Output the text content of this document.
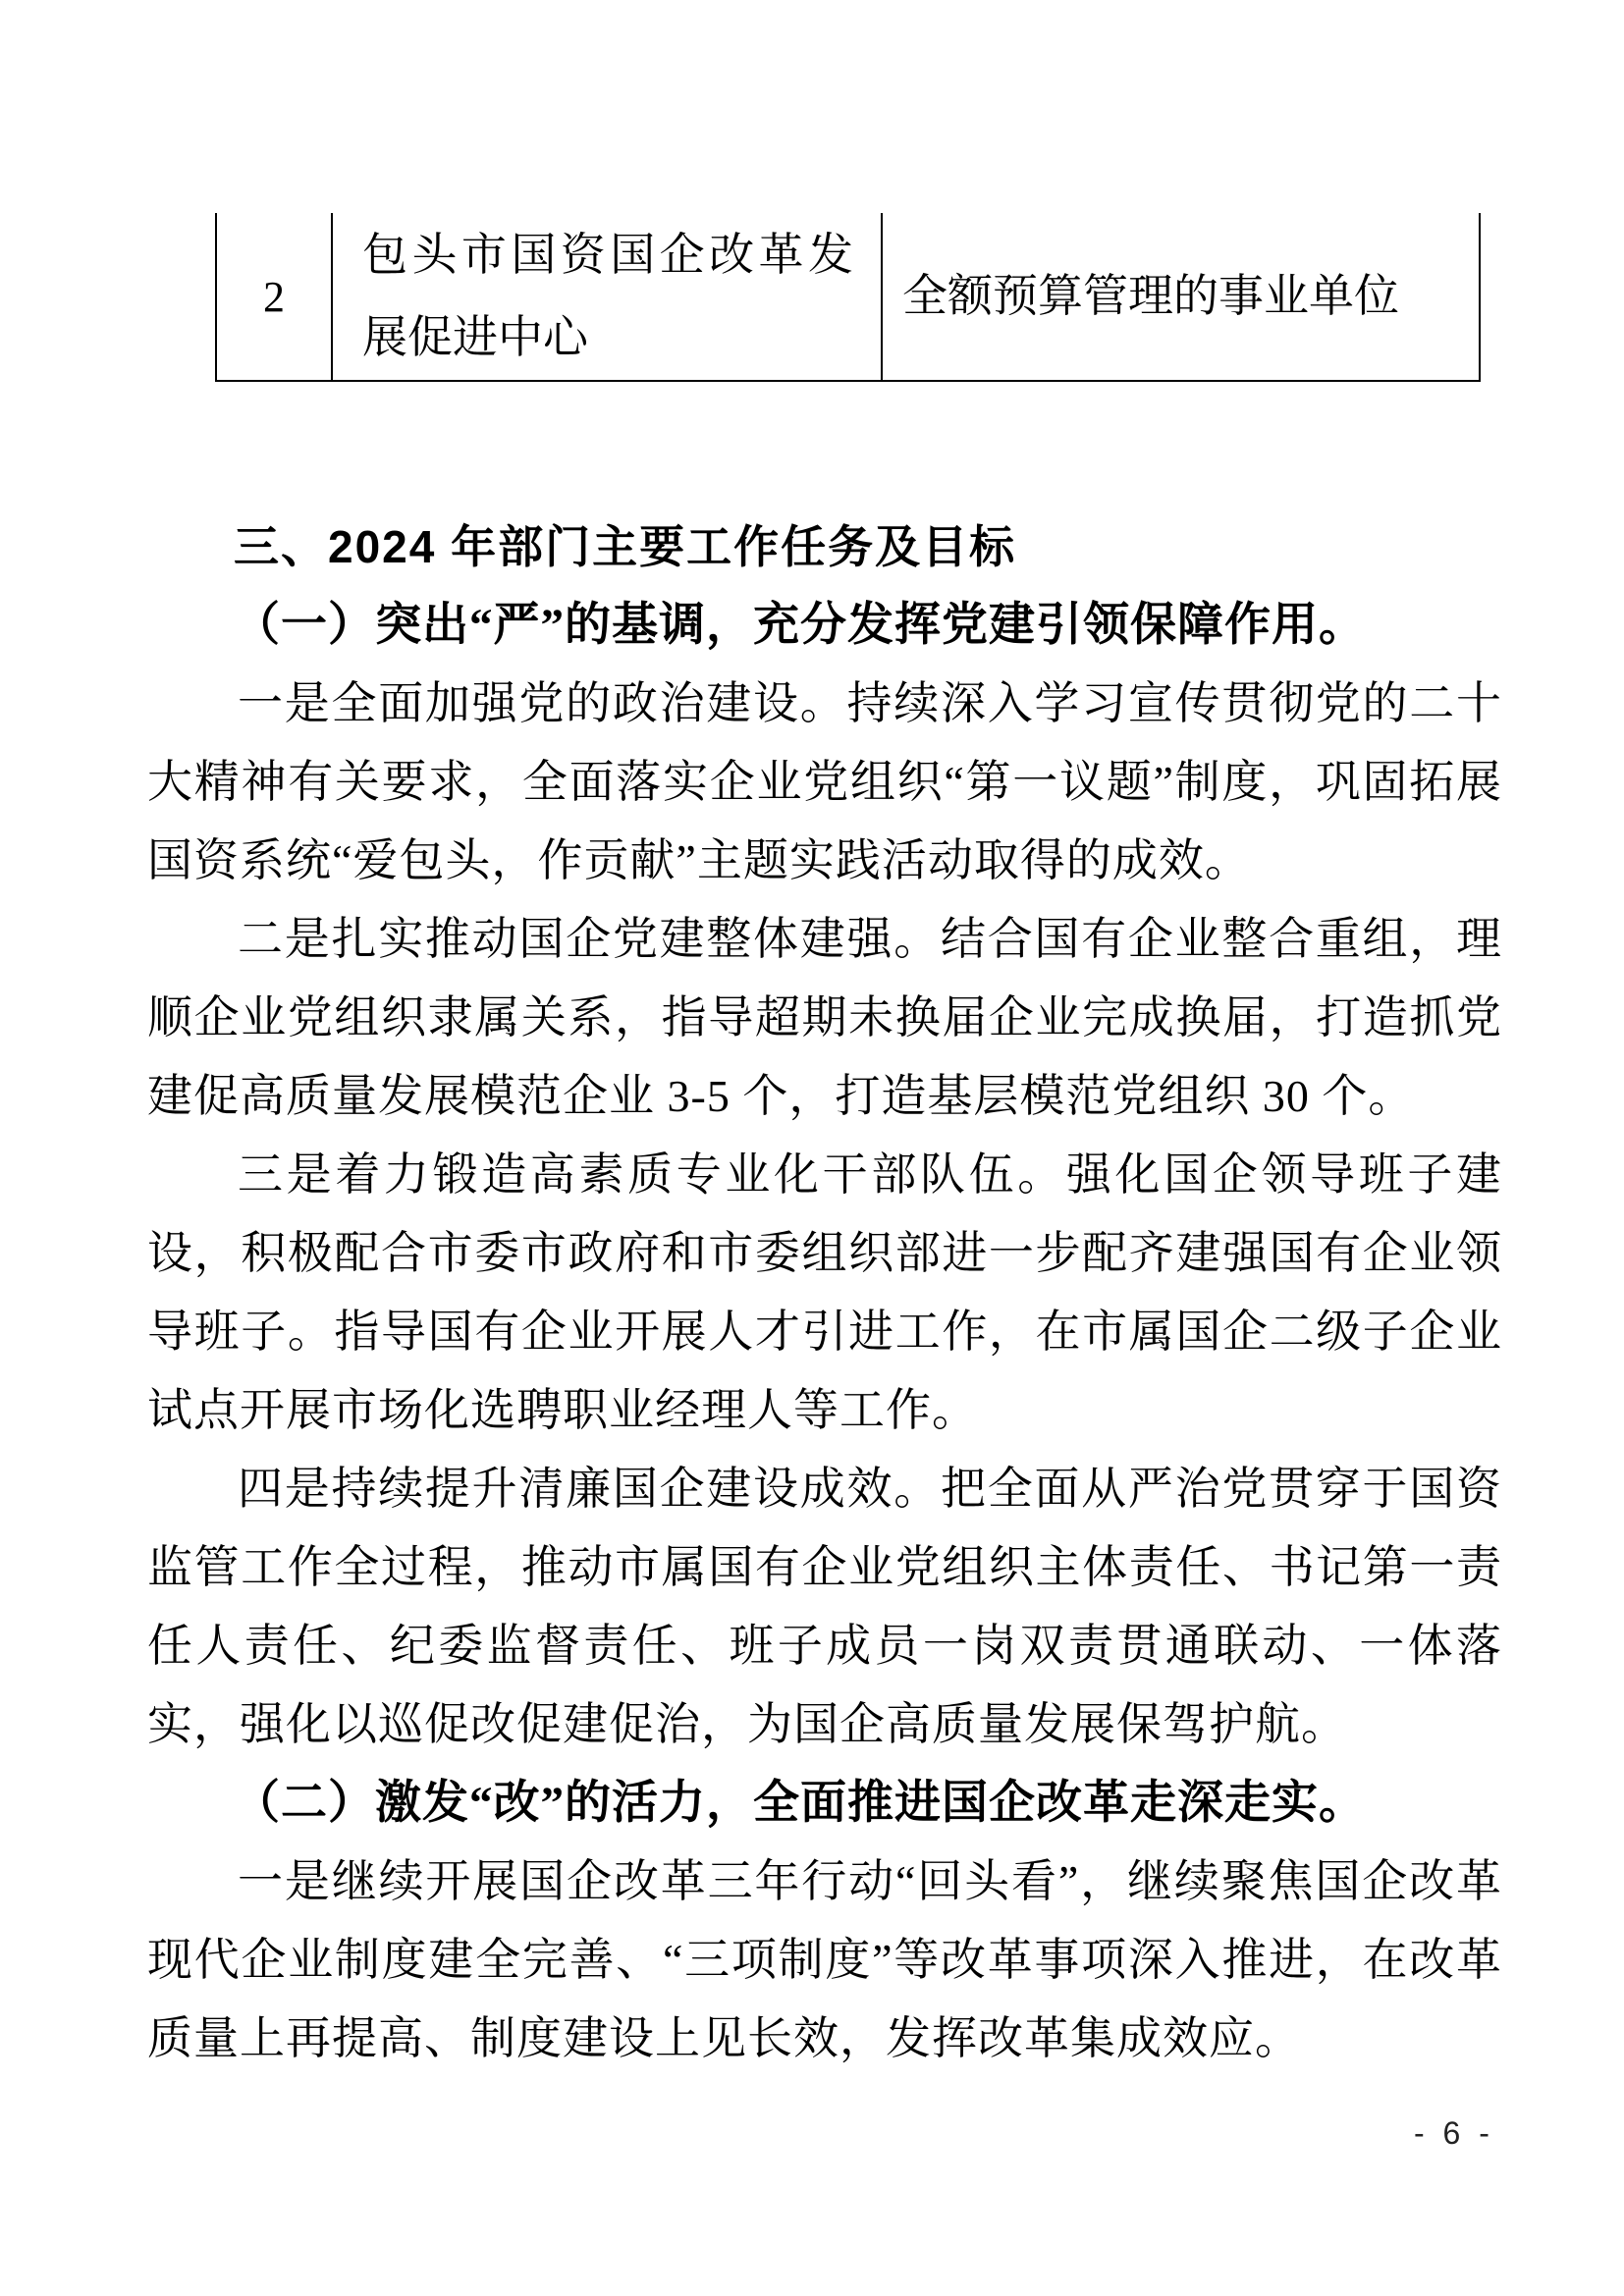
2
包头市国资国企改革发展促进中心
全额预算管理的事业单位
三、2024 年部门主要工作任务及目标
（一）突出“严”的基调，充分发挥党建引领保障作用。

一是全面加强党的政治建设。持续深入学习宣传贯彻党的二十大精神有关要求，全面落实企业党组织“第一议题”制度，巩固拓展国资系统“爱包头，作贡献”主题实践活动取得的成效。

二是扎实推动国企党建整体建强。结合国有企业整合重组，理顺企业党组织隶属关系，指导超期未换届企业完成换届，打造抓党建促高质量发展模范企业 3-5 个，打造基层模范党组织 30 个。

三是着力锻造高素质专业化干部队伍。强化国企领导班子建设，积极配合市委市政府和市委组织部进一步配齐建强国有企业领导班子。指导国有企业开展人才引进工作，在市属国企二级子企业试点开展市场化选聘职业经理人等工作。

四是持续提升清廉国企建设成效。把全面从严治党贯穿于国资监管工作全过程，推动市属国有企业党组织主体责任、书记第一责任人责任、纪委监督责任、班子成员一岗双责贯通联动、一体落实，强化以巡促改促建促治，为国企高质量发展保驾护航。

（二）激发“改”的活力，全面推进国企改革走深走实。

一是继续开展国企改革三年行动“回头看”，继续聚焦国企改革现代企业制度建全完善、“三项制度”等改革事项深入推进，在改革质量上再提高、制度建设上见长效，发挥改革集成效应。

- 6 -
